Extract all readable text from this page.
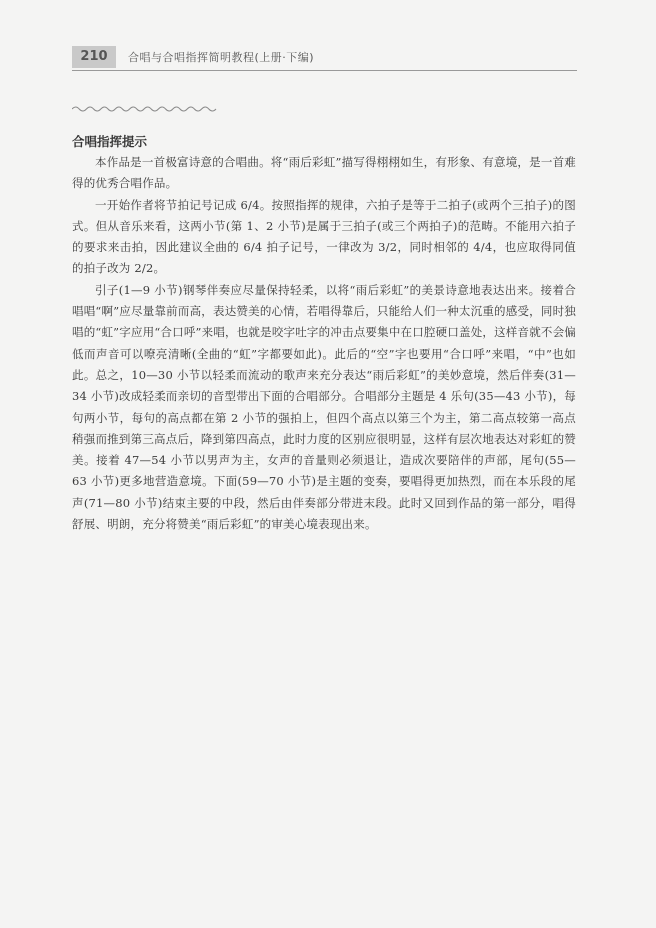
210	合唱与合唱指挥简明教程(上册·下编)
合唱指挥提示

本作品是一首极富诗意的合唱曲。将“雨后彩虹”描写得栩栩如生，有形象、有意境，是一首难得的优秀合唱作品。

一开始作者将节拍记号记成 6/4。按照指挥的规律，六拍子是等于二拍子(或两个三拍子)的图式。但从音乐来看，这两小节(第 1、2 小节)是属于三拍子(或三个两拍子)的范畴。不能用六拍子的要求来击拍，因此建议全曲的 6/4 拍子记号，一律改为 3/2，同时相邻的 4/4，也应取得同值的拍子改为 2/2。

引子(1—9 小节)钢琴伴奏应尽量保持轻柔，以将“雨后彩虹”的美景诗意地表达出来。接着合唱唱“啊”应尽量靠前而高，表达赞美的心情，若唱得靠后，只能给人们一种太沉重的感受，同时独唱的“虹”字应用“合口呼”来唱，也就是咬字吐字的冲击点要集中在口腔硬口盖处，这样音就不会偏低而声音可以嘹亮清晰(全曲的“虹”字都要如此)。此后的“空”字也要用“合口呼”来唱，“中”也如此。总之，10—30 小节以轻柔而流动的歌声来充分表达“雨后彩虹”的美妙意境，然后伴奏(31—34 小节)改成轻柔而亲切的音型带出下面的合唱部分。合唱部分主题是 4 乐句(35—43 小节)，每句两小节，每句的高点都在第 2 小节的强拍上，但四个高点以第三个为主，第二高点较第一高点稍强而推到第三高点后，降到第四高点，此时力度的区别应很明显，这样有层次地表达对彩虹的赞美。接着 47—54 小节以男声为主，女声的音量则必须退让，造成次要陪伴的声部，尾句(55—63 小节)更多地营造意境。下面(59—70 小节)是主题的变奏，要唱得更加热烈，而在本乐段的尾声(71—80 小节)结束主要的中段，然后由伴奏部分带进末段。此时又回到作品的第一部分，唱得舒展、明朗，充分将赞美“雨后彩虹”的审美心境表现出来。
